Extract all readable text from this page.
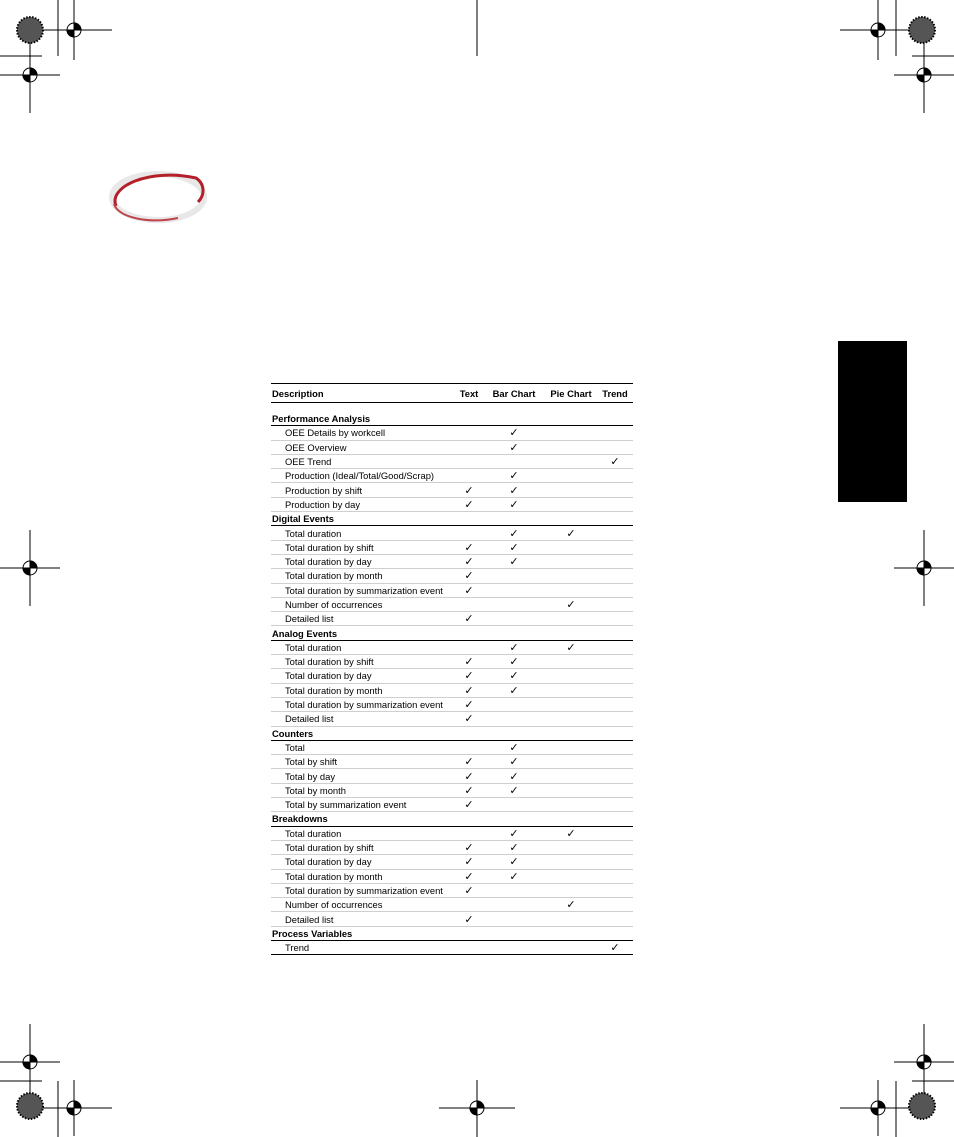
Description	Text	Bar Chart	Pie Chart	Trend

Performance Analysis				
OEE Details by workcell		✓		
OEE Overview		✓		
OEE Trend				✓
Production (Ideal/Total/Good/Scrap)		✓		
Production by shift	✓	✓		
Production by day	✓	✓		
Digital Events				
Total duration		✓	✓	
Total duration by shift	✓	✓		
Total duration by day	✓	✓		
Total duration by month	✓			
Total duration by summarization event	✓			
Number of occurrences			✓	
Detailed list	✓			
Analog Events				
Total duration		✓	✓	
Total duration by shift	✓	✓		
Total duration by day	✓	✓		
Total duration by month	✓	✓		
Total duration by summarization event	✓			
Detailed list	✓			
Counters				
Total		✓		
Total by shift	✓	✓		
Total by day	✓	✓		
Total by month	✓	✓		
Total by summarization event	✓			
Breakdowns				
Total duration		✓	✓	
Total duration by shift	✓	✓		
Total duration by day	✓	✓		
Total duration by month	✓	✓		
Total duration by summarization event	✓			
Number of occurrences			✓	
Detailed list	✓			
Process Variables				
Trend				✓
